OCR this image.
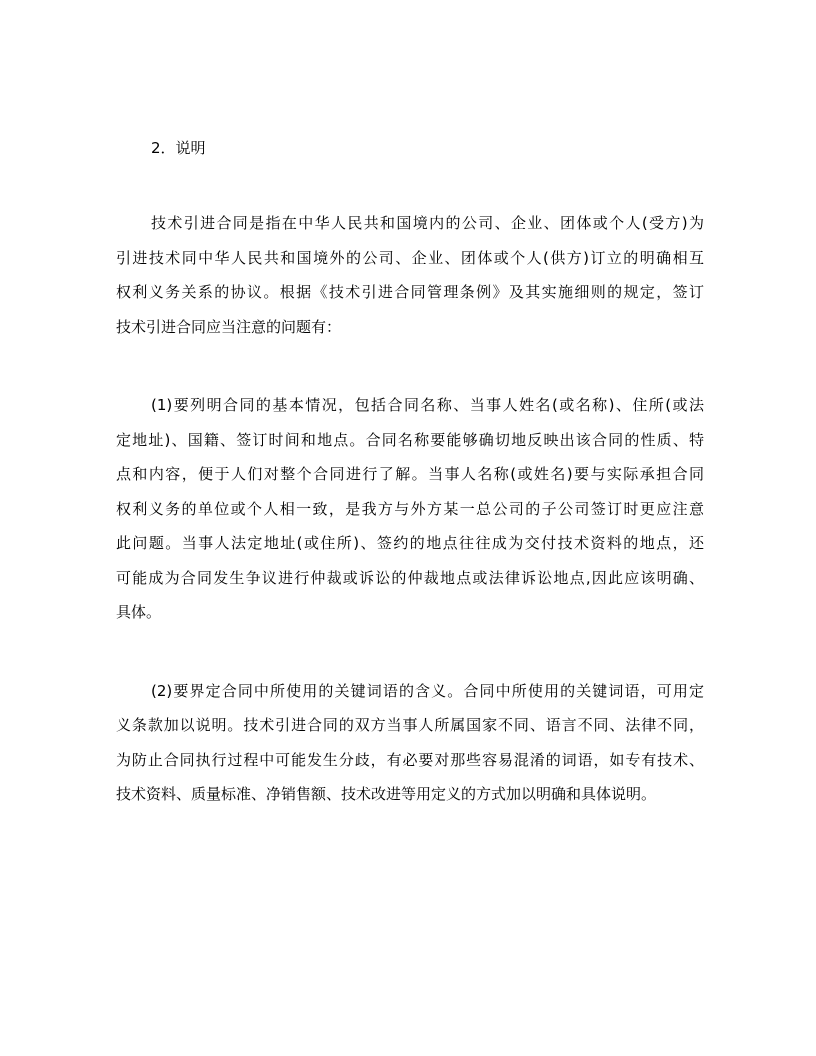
2．说明

技术引进合同是指在中华人民共和国境内的公司、企业、团体或个人(受方)为
引进技术同中华人民共和国境外的公司、企业、团体或个人(供方)订立的明确相互
权利义务关系的协议。根据《技术引进合同管理条例》及其实施细则的规定，签订
技术引进合同应当注意的问题有：

(1)要列明合同的基本情况，包括合同名称、当事人姓名(或名称)、住所(或法
定地址)、国籍、签订时间和地点。合同名称要能够确切地反映出该合同的性质、特
点和内容，便于人们对整个合同进行了解。当事人名称(或姓名)要与实际承担合同
权利义务的单位或个人相一致，是我方与外方某一总公司的子公司签订时更应注意
此问题。当事人法定地址(或住所)、签约的地点往往成为交付技术资料的地点，还
可能成为合同发生争议进行仲裁或诉讼的仲裁地点或法律诉讼地点,因此应该明确、
具体。

(2)要界定合同中所使用的关键词语的含义。合同中所使用的关键词语，可用定
义条款加以说明。技术引进合同的双方当事人所属国家不同、语言不同、法律不同，
为防止合同执行过程中可能发生分歧，有必要对那些容易混淆的词语，如专有技术、
技术资料、质量标准、净销售额、技术改进等用定义的方式加以明确和具体说明。
